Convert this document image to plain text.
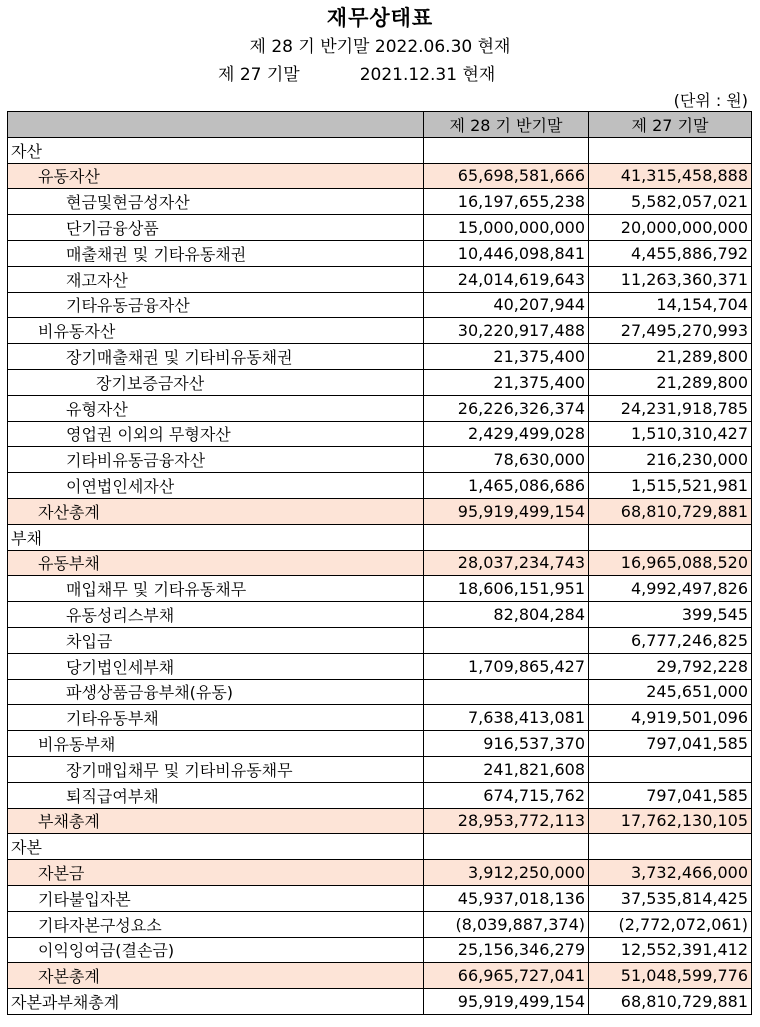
재무상태표
제 28 기 반기말 2022.06.30 현재
제 27 기말	2021.12.31 현재
(단위 : 원)
	제 28 기 반기말	제 27 기말
자산		
유동자산	65,698,581,666	41,315,458,888
현금및현금성자산	16,197,655,238	5,582,057,021
단기금융상품	15,000,000,000	20,000,000,000
매출채권 및 기타유동채권	10,446,098,841	4,455,886,792
재고자산	24,014,619,643	11,263,360,371
기타유동금융자산	40,207,944	14,154,704
비유동자산	30,220,917,488	27,495,270,993
장기매출채권 및 기타비유동채권	21,375,400	21,289,800
장기보증금자산	21,375,400	21,289,800
유형자산	26,226,326,374	24,231,918,785
영업권 이외의 무형자산	2,429,499,028	1,510,310,427
기타비유동금융자산	78,630,000	216,230,000
이연법인세자산	1,465,086,686	1,515,521,981
자산총계	95,919,499,154	68,810,729,881
부채		
유동부채	28,037,234,743	16,965,088,520
매입채무 및 기타유동채무	18,606,151,951	4,992,497,826
유동성리스부채	82,804,284	399,545
차입금		6,777,246,825
당기법인세부채	1,709,865,427	29,792,228
파생상품금융부채(유동)		245,651,000
기타유동부채	7,638,413,081	4,919,501,096
비유동부채	916,537,370	797,041,585
장기매입채무 및 기타비유동채무	241,821,608	
퇴직급여부채	674,715,762	797,041,585
부채총계	28,953,772,113	17,762,130,105
자본		
자본금	3,912,250,000	3,732,466,000
기타불입자본	45,937,018,136	37,535,814,425
기타자본구성요소	(8,039,887,374)	(2,772,072,061)
이익잉여금(결손금)	25,156,346,279	12,552,391,412
자본총계	66,965,727,041	51,048,599,776
자본과부채총계	95,919,499,154	68,810,729,881
